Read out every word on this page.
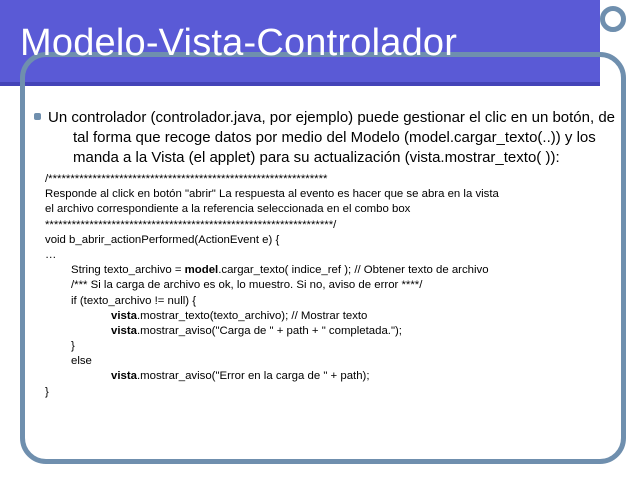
Modelo-Vista-Controlador

Un controlador (controlador.java, por ejemplo) puede gestionar el clic en un botón, de tal forma que recoge datos por medio del Modelo (model.cargar_texto(..)) y los manda a la Vista (el applet) para su actualización (vista.mostrar_texto( )):

/***************************************************************
Responde al click en botón "abrir" La respuesta al evento es hacer que se abra en la vista
el archivo correspondiente a la referencia seleccionada en el combo box
*****************************************************************/
void b_abrir_actionPerformed(ActionEvent e) {
…
String texto_archivo = model.cargar_texto( indice_ref ); // Obtener texto de archivo
/*** Si la carga de archivo es ok, lo muestro. Si no, aviso de error ****/
if (texto_archivo != null) {
vista.mostrar_texto(texto_archivo); // Mostrar texto
vista.mostrar_aviso("Carga de " + path + " completada.");
}
else
vista.mostrar_aviso("Error en la carga de " + path);
}
